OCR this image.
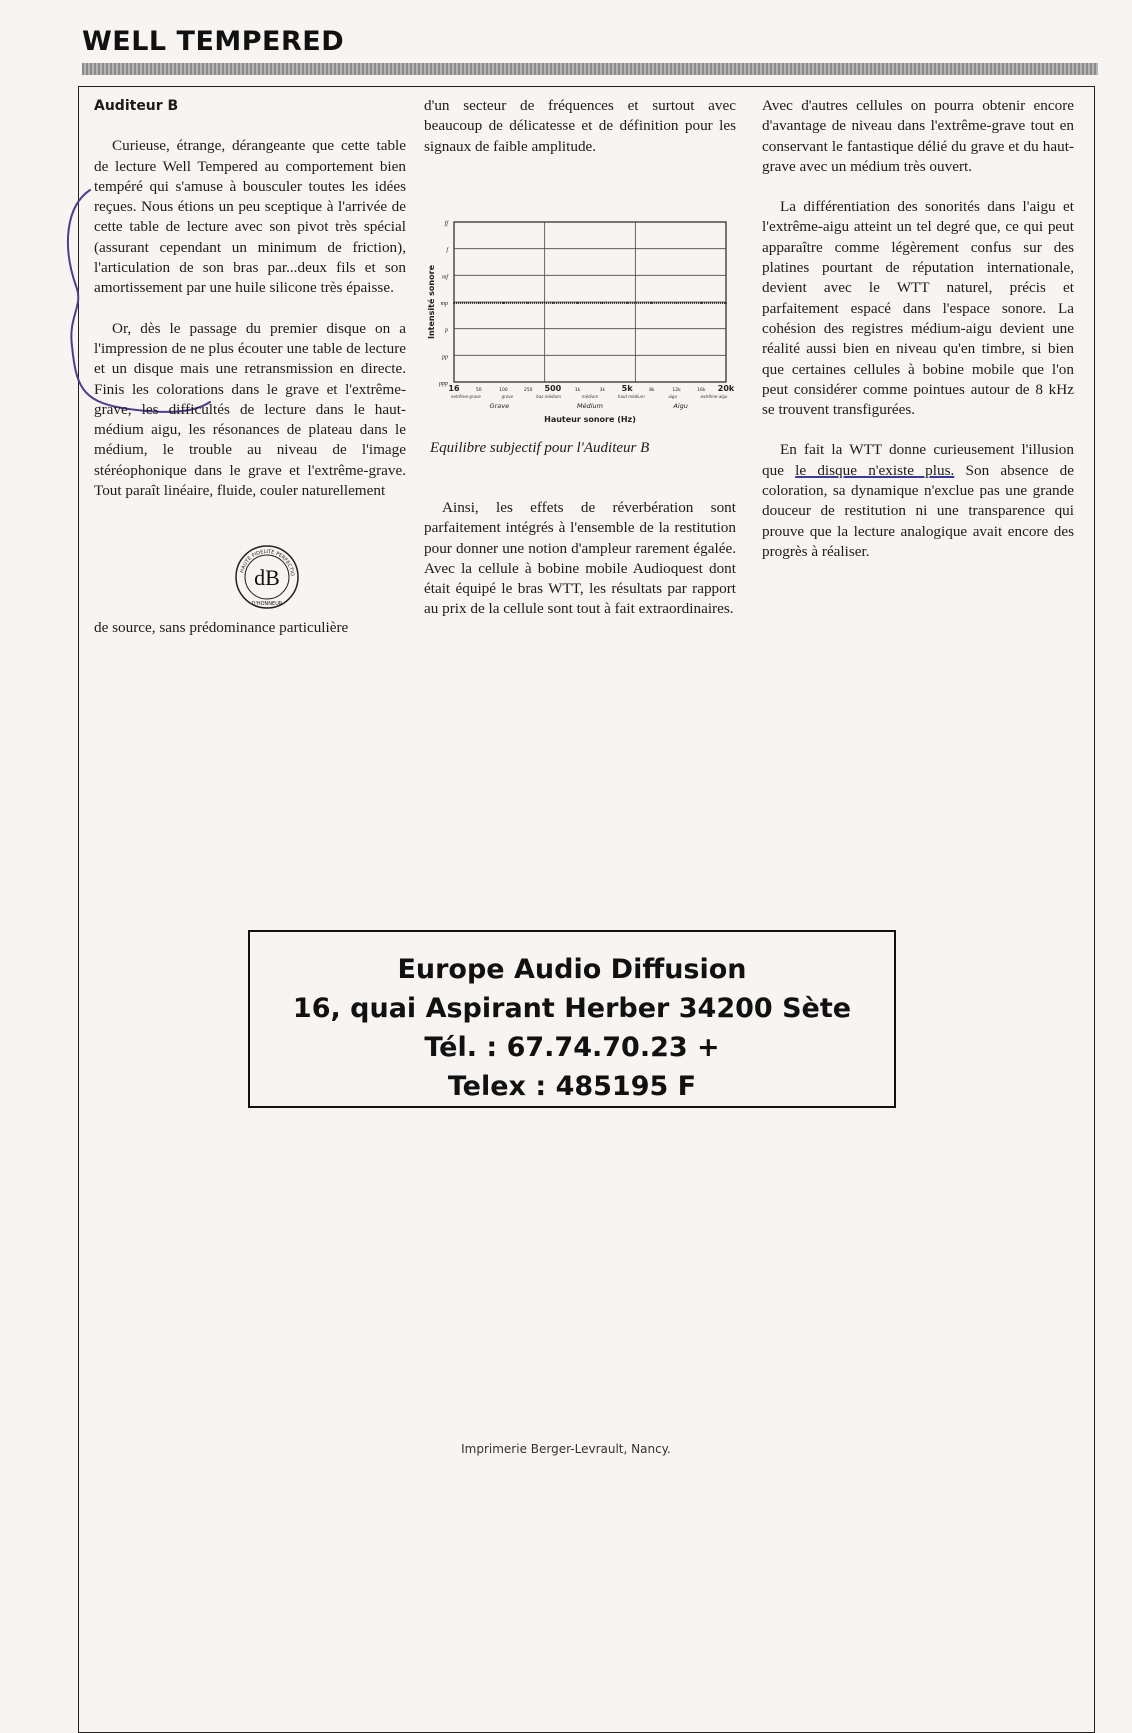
WELL TEMPERED

Auditeur B

Curieuse, étrange, dérangeante que cette table de lecture Well Tempered au comportement bien tempéré qui s'amuse à bousculer toutes les idées reçues. Nous étions un peu sceptique à l'arrivée de cette table de lecture avec son pivot très spécial (assurant cependant un minimum de friction), l'articulation de son bras par...deux fils et son amortissement par une huile silicone très épaisse.

Or, dès le passage du premier disque on a l'impression de ne plus écouter une table de lecture et un disque mais une retransmission en directe. Finis les colorations dans le grave et l'extrême-grave, les difficultés de lecture dans le haut-médium aigu, les résonances de plateau dans le médium, le trouble au niveau de l'image stéréophonique dans le grave et l'extrême-grave. Tout paraît linéaire, fluide, couler naturellement

HAUTE FIDELITE PERFECTIO
dB
D'HONNEUR

de source, sans prédominance particulière

d'un secteur de fréquences et surtout avec beaucoup de délicatesse et de définition pour les signaux de faible amplitude.

ff
f
mf
mp
p
pp
ppp
Intensité sonore
16	50	100	250 500	1k	3k 5k	8k	12k	16k 20k
extrême-grave	grave	bas médium	médium	haut médium	aigu	extrême-aigu
Grave	Médium	Aigu
Hauteur sonore (Hz)
Equilibre subjectif pour l'Auditeur B

Ainsi, les effets de réverbération sont parfaitement intégrés à l'ensemble de la restitution pour donner une notion d'ampleur rarement égalée. Avec la cellule à bobine mobile Audioquest dont était équipé le bras WTT, les résultats par rapport au prix de la cellule sont tout à fait extraordinaires.

Avec d'autres cellules on pourra obtenir encore d'avantage de niveau dans l'extrême-grave tout en conservant le fantastique délié du grave et du haut-grave avec un médium très ouvert.

La différentiation des sonorités dans l'aigu et l'extrême-aigu atteint un tel degré que, ce qui peut apparaître comme légèrement confus sur des platines pourtant de réputation internationale, devient avec le WTT naturel, précis et parfaitement espacé dans l'espace sonore. La cohésion des registres médium-aigu devient une réalité aussi bien en niveau qu'en timbre, si bien que certaines cellules à bobine mobile que l'on peut considérer comme pointues autour de 8 kHz se trouvent transfigurées.

En fait la WTT donne curieusement l'illusion que le disque n'existe plus. Son absence de coloration, sa dynamique n'exclue pas une grande douceur de restitution ni une transparence qui prouve que la lecture analogique avait encore des progrès à réaliser.

Europe Audio Diffusion
16, quai Aspirant Herber 34200 Sète
Tél. : 67.74.70.23 +
Telex : 485195 F
Imprimerie Berger-Levrault, Nancy.
